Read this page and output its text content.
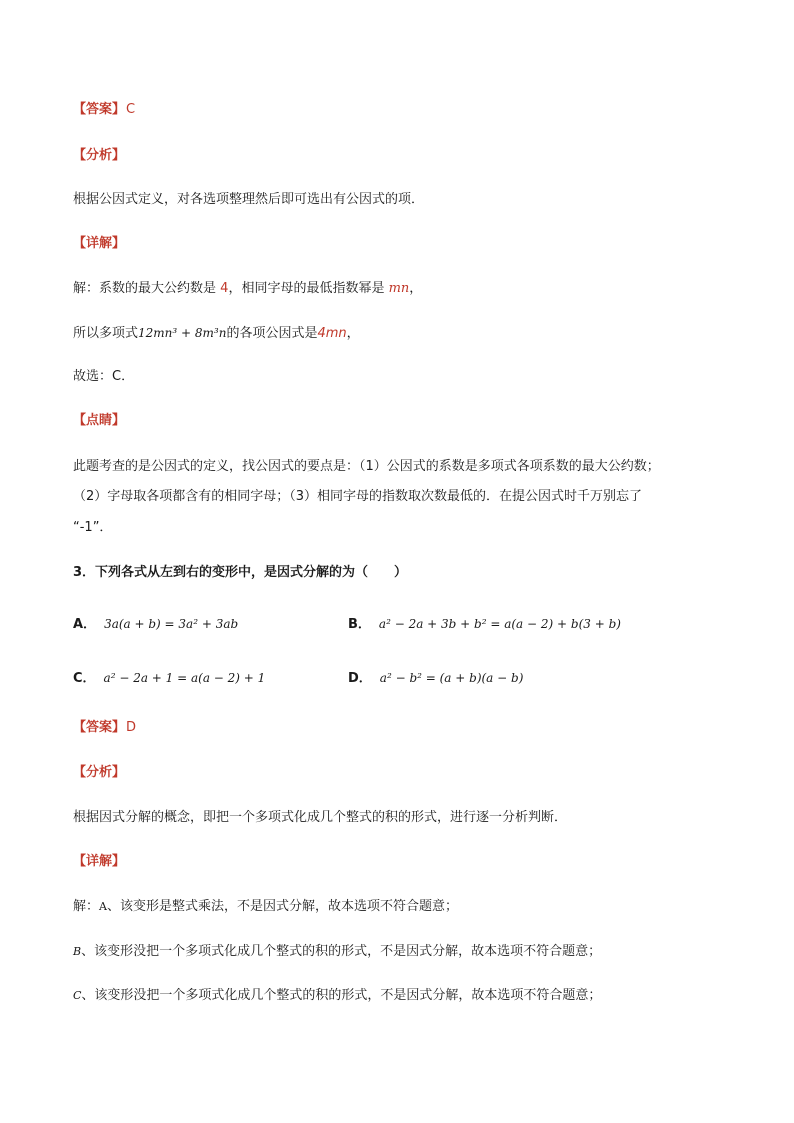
【答案】C
【分析】
根据公因式定义，对各选项整理然后即可选出有公因式的项．
【详解】
解：系数的最大公约数是 4，相同字母的最低指数幂是 mn，
所以多项式12mn³ + 8m³n的各项公因式是4mn，
故选：C．
【点睛】
此题考查的是公因式的定义，找公因式的要点是：（1）公因式的系数是多项式各项系数的最大公约数；
（2）字母取各项都含有的相同字母；（3）相同字母的指数取次数最低的．在提公因式时千万别忘了
“-1”．
3．下列各式从左到右的变形中，是因式分解的为（　　）
A． 3a(a + b) = 3a² + 3ab	B． a² − 2a + 3b + b² = a(a − 2) + b(3 + b)
C． a² − 2a + 1 = a(a − 2) + 1	D． a² − b² = (a + b)(a − b)
【答案】D
【分析】
根据因式分解的概念，即把一个多项式化成几个整式的积的形式，进行逐一分析判断．
【详解】
解：A、该变形是整式乘法，不是因式分解，故本选项不符合题意；
B、该变形没把一个多项式化成几个整式的积的形式，不是因式分解，故本选项不符合题意；
C、该变形没把一个多项式化成几个整式的积的形式，不是因式分解，故本选项不符合题意；
